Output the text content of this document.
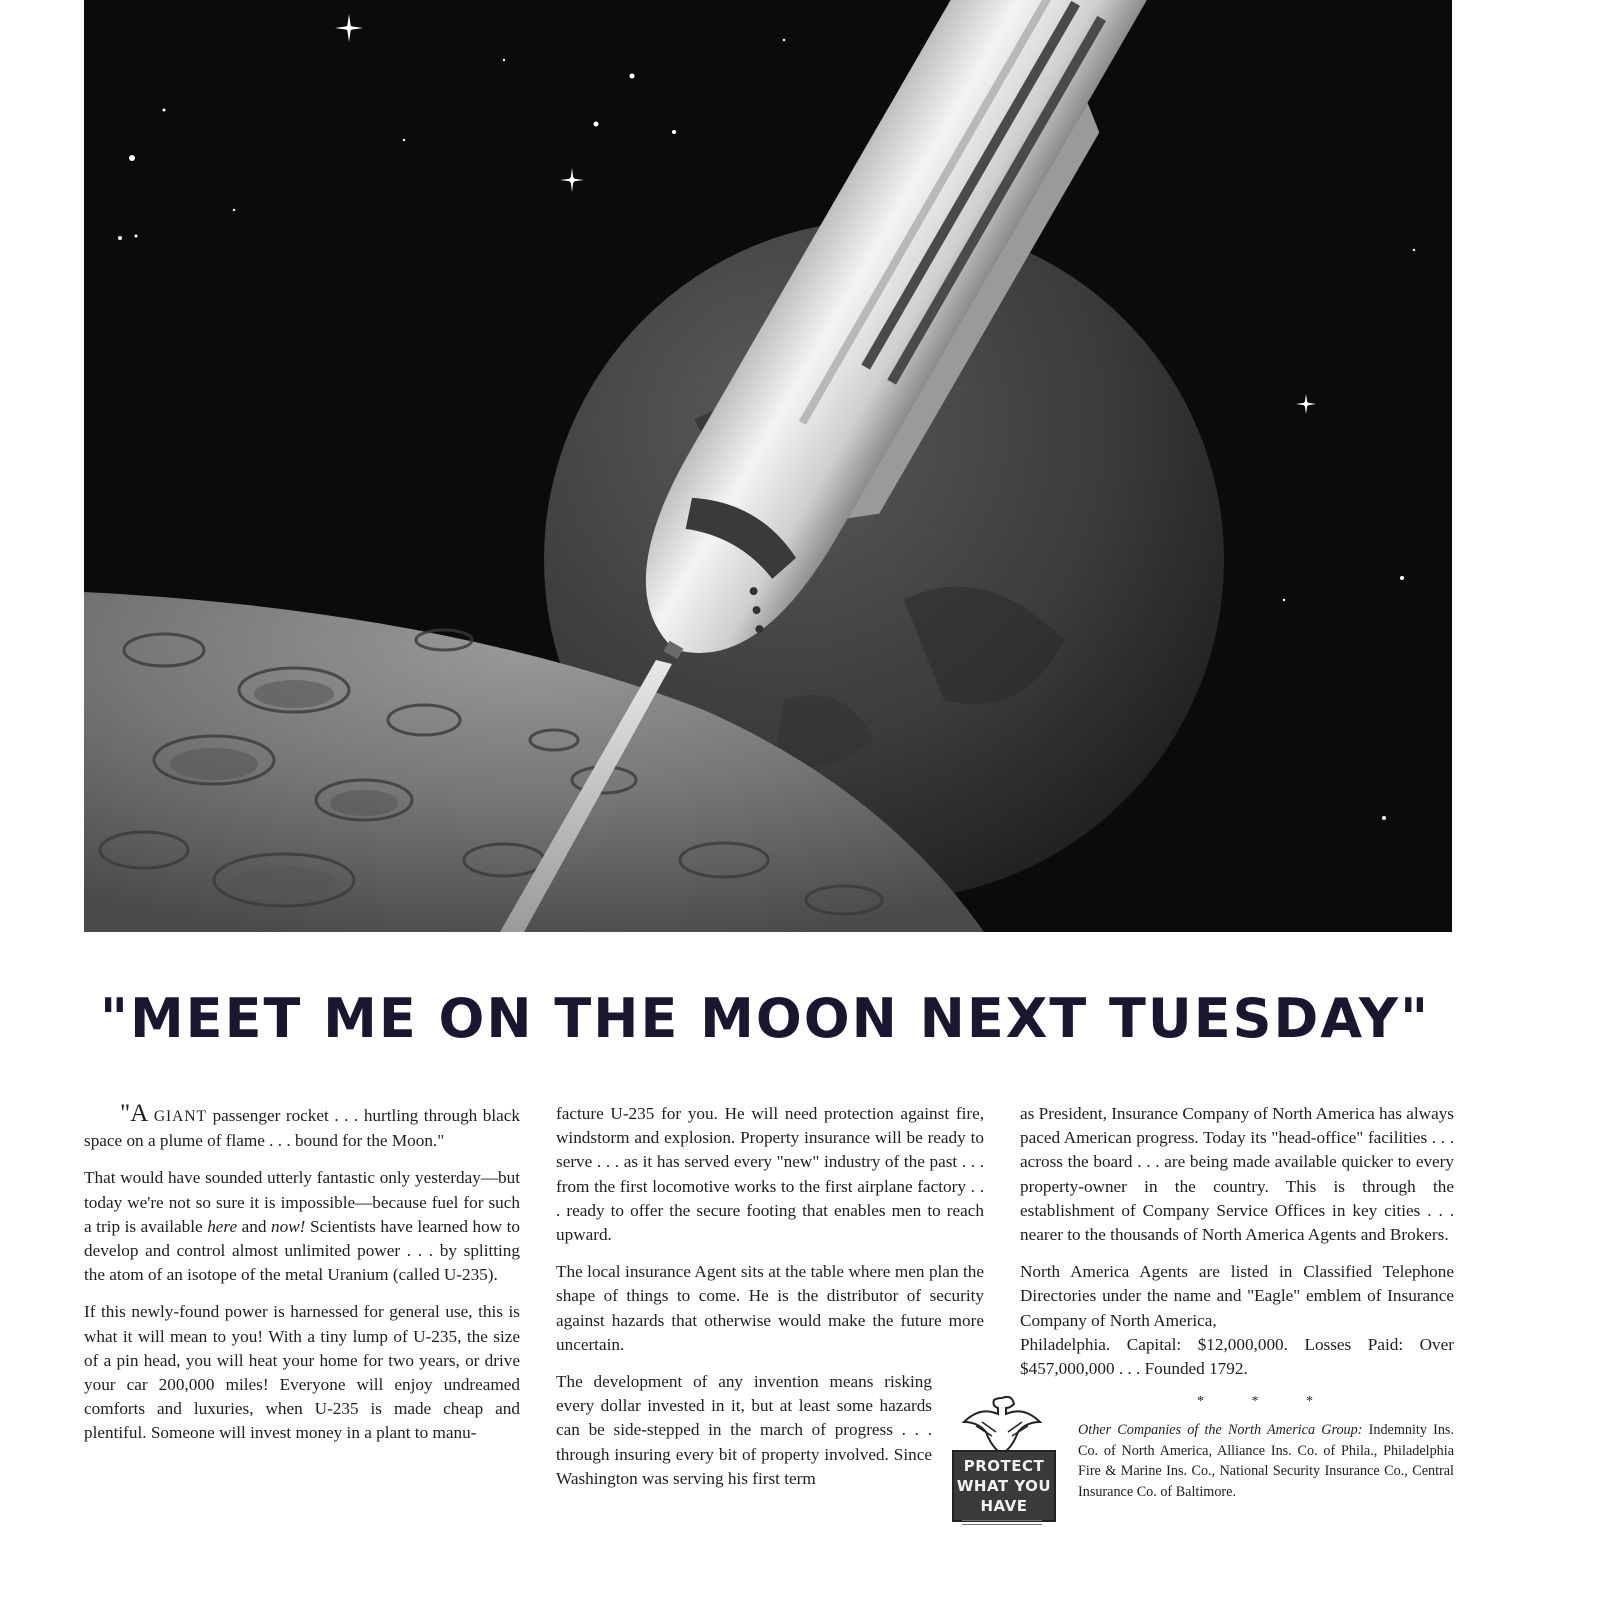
"MEET ME ON THE MOON NEXT TUESDAY"

"A GIANT passenger rocket . . . hurtling through black space on a plume of flame . . . bound for the Moon."

That would have sounded utterly fantastic only yesterday—but today we're not so sure it is impossible—because fuel for such a trip is available here and now! Scientists have learned how to develop and control almost unlimited power . . . by splitting the atom of an isotope of the metal Uranium (called U-235).

If this newly-found power is harnessed for general use, this is what it will mean to you! With a tiny lump of U-235, the size of a pin head, you will heat your home for two years, or drive your car 200,000 miles! Everyone will enjoy undreamed comforts and luxuries, when U-235 is made cheap and plentiful. Someone will invest money in a plant to manu-

facture U-235 for you. He will need protection against fire, windstorm and explosion. Property insurance will be ready to serve . . . as it has served every "new" industry of the past . . . from the first locomotive works to the first airplane factory . . . ready to offer the secure footing that enables men to reach upward.

The local insurance Agent sits at the table where men plan the shape of things to come. He is the distributor of security against hazards that otherwise would make the future more uncertain.

The development of any invention means risking every dollar invested in it, but at least some hazards can be side-stepped in the march of progress . . . through insuring every bit of property involved. Since Washington was serving his first term

as President, Insurance Company of North America has always paced American progress. Today its "head-office" facilities . . . across the board . . . are being made available quicker to every property-owner in the country. This is through the establishment of Company Service Offices in key cities . . . nearer to the thousands of North America Agents and Brokers.

North America Agents are listed in Classified Telephone Directories under the name and "Eagle" emblem of Insurance Company of North America,

Philadelphia. Capital: $12,000,000. Losses Paid: Over $457,000,000 . . . Founded 1792.

* * *

Other Companies of the North America Group: Indemnity Ins. Co. of North America, Alliance Ins. Co. of Phila., Philadelphia Fire & Marine Ins. Co., National Security Insurance Co., Central Insurance Co. of Baltimore.

PROTECT
WHAT YOU
HAVE
